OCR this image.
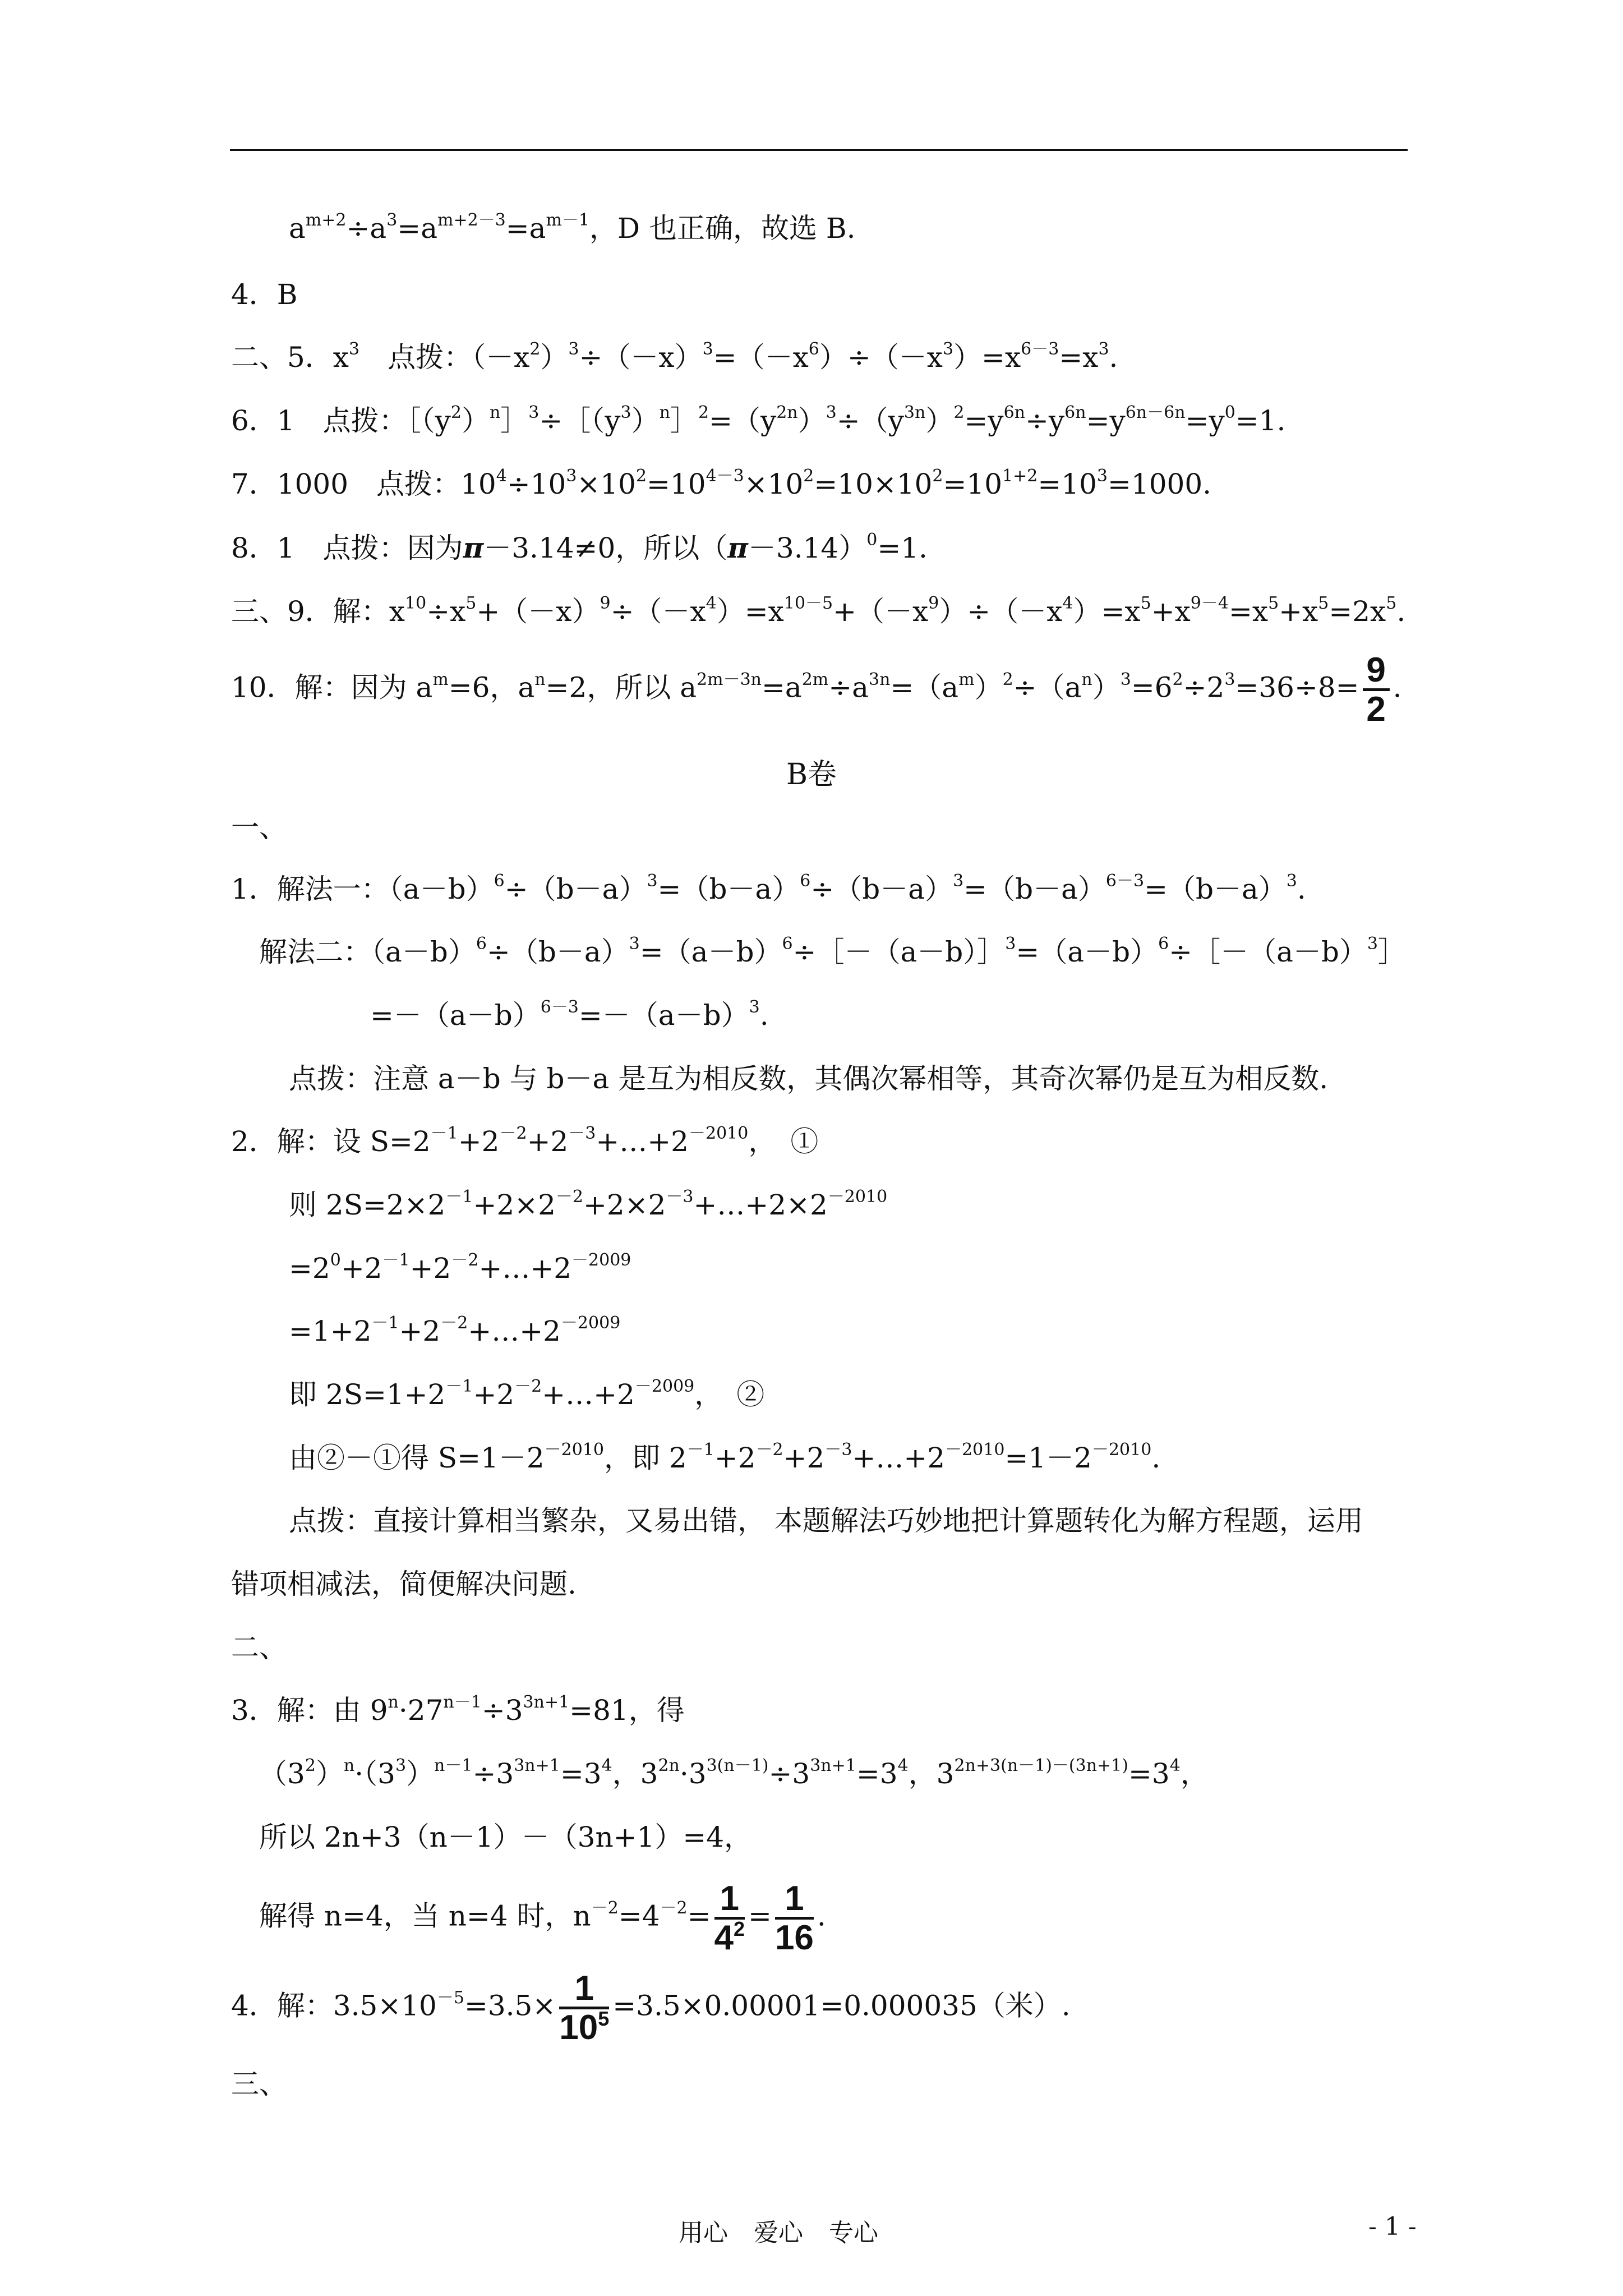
$a^{m+2}\div a^3=a^{m+2-3}=a^{m-1}$，D 也正确，故选 B.
4．B
二、5．$x^3$　点拨：$(-x^2)^3\div(-x)^3=(-x^6)\div(-x^3)=x^{6-3}=x^3$.
6．1　点拨：$[(y^2)^n]^3\div[(y^3)^n]^2=(y^{2n})^3\div(y^{3n})^2=y^{6n}\div y^{6n}=y^{6n-6n}=y^0=1$.
7．1000　点拨：$10^4\div 10^3\times 10^2=10^{4-3}\times 10^2=10\times 10^2=10^{1+2}=10^3=1000$.
8．1　点拨：因为π－3.14≠0，所以$(\pi-3.14)^0=1$.
三、9．解：$x^{10}\div x^5+(-x)^9\div(-x^4)=x^{10-5}+(-x^9)\div(-x^4)=x^5+x^{9-4}=x^5+x^5=2x^5$.
10．解：因为 $a^m=6$，$a^n=2$，所以 $a^{2m-3n}=a^{2m}\div a^{3n}=(a^m)^2\div(a^n)^3=6^2\div 2^3=36\div 8= 9$
2
.
B卷
一、
1．解法一：$(a-b)^6\div(b-a)^3=(b-a)^6\div(b-a)^3=(b-a)^{6-3}=(b-a)^3$.
解法二：$(a-b)^6\div(b-a)^3=(a-b)^6\div[-(a-b)]^3=(a-b)^6\div[-(a-b)^3]$
$=-(a-b)^{6-3}=-(a-b)^3$.
点拨：注意 a－b 与 b－a 是互为相反数，其偶次幂相等，其奇次幂仍是互为相反数.
2．解：设 $S=2^{-1}+2^{-2}+2^{-3}+\dots+2^{-2010}$，　①
则 $2S=2\times 2^{-1}+2\times 2^{-2}+2\times 2^{-3}+\dots+2\times 2^{-2010}$
$=2^0+2^{-1}+2^{-2}+\dots+2^{-2009}$
$=1+2^{-1}+2^{-2}+\dots+2^{-2009}$
即 $2S=1+2^{-1}+2^{-2}+\dots+2^{-2009}$，　②
由②－①得 $S=1-2^{-2010}$，即 $2^{-1}+2^{-2}+2^{-3}+\dots+2^{-2010}=1-2^{-2010}$.
点拨：直接计算相当繁杂，又易出错， 本题解法巧妙地把计算题转化为解方程题，运用
错项相减法，简便解决问题.
二、
3．解：由 $9^n\cdot 27^{n-1}\div 3^{3n+1}=81$，得
$(3^2)^n\cdot(3^3)^{n-1}\div 3^{3n+1}=3^4$，$3^{2n}\cdot 3^{3(n-1)}\div 3^{3n+1}=3^4$，$3^{2n+3(n-1)-(3n+1)}=3^4$，
所以 2n+3（n－1）－（3n+1）=4，
解得 n=4，当 n=4 时，$n^{-2}=4^{-2}= 1$
$4^2 = 1$
16
.
4．解：$3.5\times 10^{-5}=3.5\times 1$
$10^5 =3.5\times 0.00001=0.000035$（米）.
三、
用心 爱心 专心	- 1 -
